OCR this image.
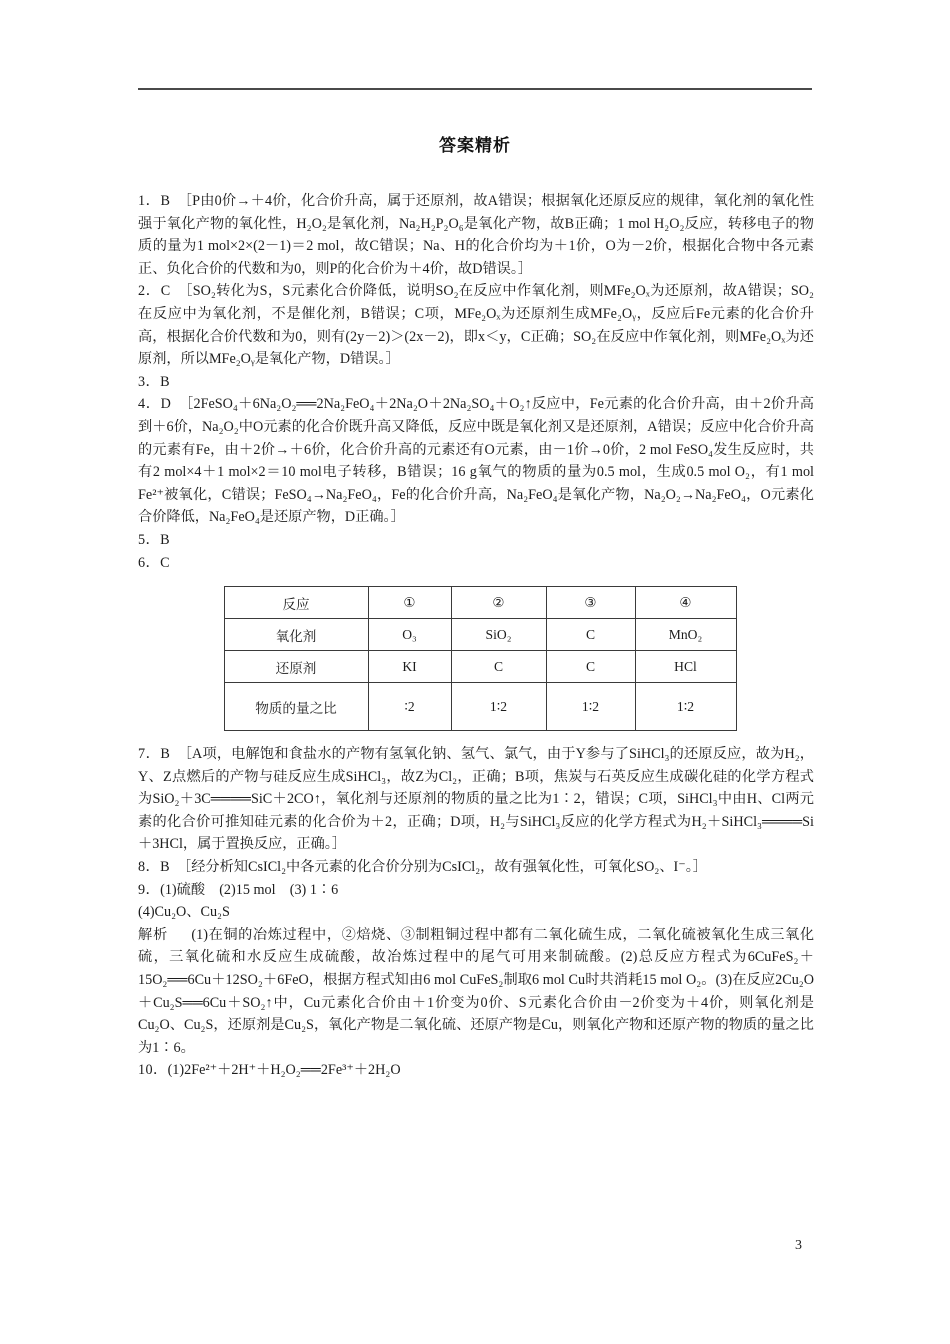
答案精析

1．B ［P由0价→＋4价，化合价升高，属于还原剂，故A错误；根据氧化还原反应的规律，氧化剂的氧化性强于氧化产物的氧化性，H₂O₂是氧化剂，Na₂H₂P₂O₆是氧化产物，故B正确；1 mol H₂O₂反应，转移电子的物质的量为1 mol×2×(2－1)＝2 mol，故C错误；Na、H的化合价均为＋1价，O为－2价，根据化合物中各元素正、负化合价的代数和为0，则P的化合价为＋4价，故D错误。］

2．C ［SO₂转化为S，S元素化合价降低，说明SO₂在反应中作氧化剂，则MFe₂Oₓ为还原剂，故A错误；SO₂在反应中为氧化剂，不是催化剂，B错误；C项，MFe₂Oₓ为还原剂生成MFe₂Oᵧ，反应后Fe元素的化合价升高，根据化合价代数和为0，则有(2y－2)＞(2x－2)，即x＜y，C正确；SO₂在反应中作氧化剂，则MFe₂Oₓ为还原剂，所以MFe₂Oᵧ是氧化产物，D错误。］

3．B

4．D ［2FeSO₄＋6Na₂O₂══2Na₂FeO₄＋2Na₂O＋2Na₂SO₄＋O₂↑反应中，Fe元素的化合价升高，由＋2价升高到＋6价，Na₂O₂中O元素的化合价既升高又降低，反应中既是氧化剂又是还原剂，A错误；反应中化合价升高的元素有Fe，由＋2价→＋6价，化合价升高的元素还有O元素，由－1价→0价，2 mol FeSO₄发生反应时，共有2 mol×4＋1 mol×2＝10 mol电子转移，B错误；16 g氧气的物质的量为0.5 mol，生成0.5 mol O₂，有1 mol Fe²⁺被氧化，C错误；FeSO₄→Na₂FeO₄，Fe的化合价升高，Na₂FeO₄是氧化产物，Na₂O₂→Na₂FeO₄，O元素化合价降低，Na₂FeO₄是还原产物，D正确。］

5．B

6．C

反应	①	②	③	④
氧化剂	O₃	SiO₂	C	MnO₂
还原剂	KI	C	C	HCl
物质的量之比	∶2	1∶2	1∶2	1∶2

7．B ［A项，电解饱和食盐水的产物有氢氧化钠、氢气、氯气，由于Y参与了SiHCl₃的还原反应，故为H₂，Y、Z点燃后的产物与硅反应生成SiHCl₃，故Z为Cl₂，正确；B项，焦炭与石英反应生成碳化硅的化学方程式为SiO₂＋3C════SiC＋2CO↑，氧化剂与还原剂的物质的量之比为1∶2，错误；C项，SiHCl₃中由H、Cl两元素的化合价可推知硅元素的化合价为＋2，正确；D项，H₂与SiHCl₃反应的化学方程式为H₂＋SiHCl₃════Si＋3HCl，属于置换反应，正确。］

8．B ［经分析知CsICl₂中各元素的化合价分别为CsICl₂，故有强氧化性，可氧化SO₂、I⁻。］

9．(1)硫酸　(2)15 mol　(3) 1∶6

(4)Cu₂O、Cu₂S

解析  　(1)在铜的冶炼过程中，②焙烧、③制粗铜过程中都有二氧化硫生成，二氧化硫被氧化生成三氧化硫，三氧化硫和水反应生成硫酸，故冶炼过程中的尾气可用来制硫酸。(2)总反应方程式为6CuFeS₂＋15O₂══6Cu＋12SO₂＋6FeO，根据方程式知由6 mol CuFeS₂制取6 mol Cu时共消耗15 mol O₂。(3)在反应2Cu₂O＋Cu₂S══6Cu＋SO₂↑中，Cu元素化合价由＋1价变为0价、S元素化合价由－2价变为＋4价，则氧化剂是Cu₂O、Cu₂S，还原剂是Cu₂S，氧化产物是二氧化硫、还原产物是Cu，则氧化产物和还原产物的物质的量之比为1∶6。

10．(1)2Fe²⁺＋2H⁺＋H₂O₂══2Fe³⁺＋2H₂O

3
